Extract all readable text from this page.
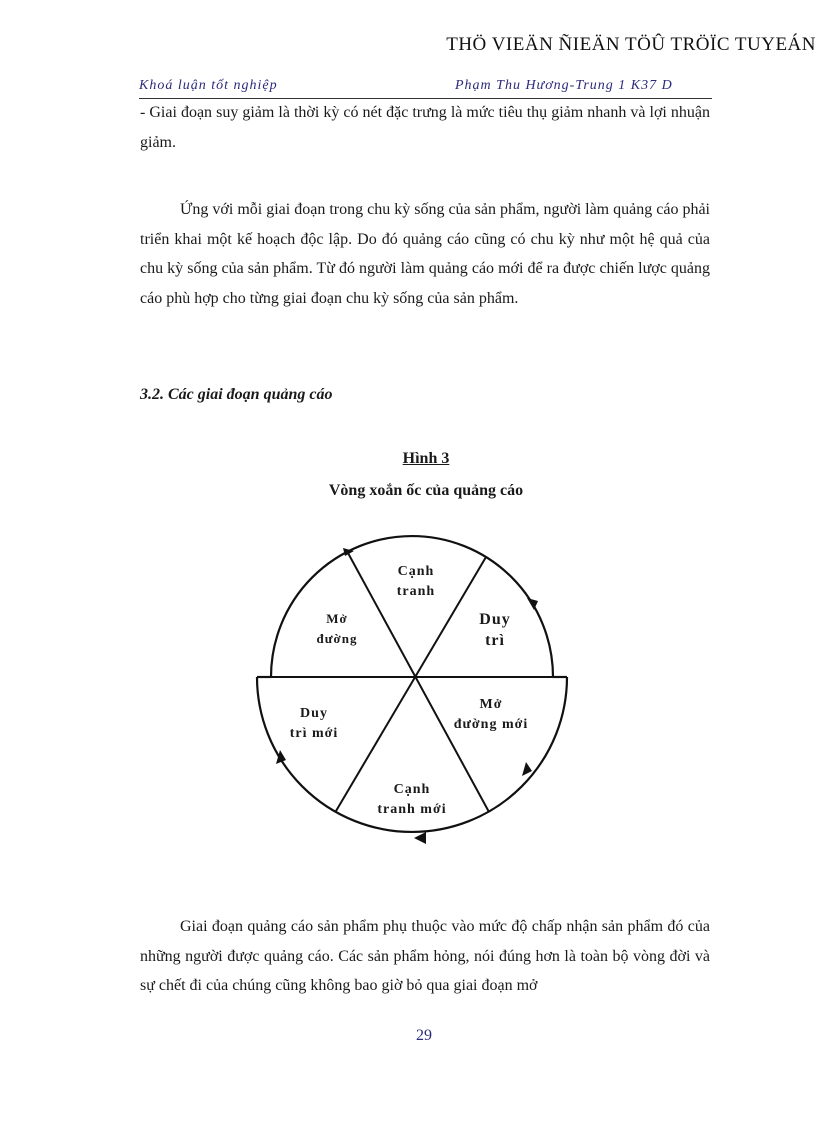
THÖ VIEÄN ÑIEÄN TÖÛ TRÖÏC TUYEÁN
Khoá luận tốt nghiệp	Phạm Thu Hương-Trung 1 K37 D

- Giai đoạn suy giảm là thời kỳ có nét đặc trưng là mức tiêu thụ giảm nhanh và lợi nhuận giảm.

Ứng với mỗi giai đoạn trong chu kỳ sống của sản phẩm, người làm quảng cáo phải triển khai một kế hoạch độc lập. Do đó quảng cáo cũng có chu kỳ như một hệ quả của chu kỳ sống của sản phẩm. Từ đó người làm quảng cáo mới để ra được chiến lược quảng cáo phù hợp cho từng giai đoạn chu kỳ sống của sản phẩm.

3.2. Các giai đoạn quảng cáo
Hình 3
Vòng xoắn ốc của quảng cáo
Cạnh
tranh
Duy
trì
Mở
đường mới
Cạnh
tranh mới
Duy
trì mới
Mở
đường

Giai đoạn quảng cáo sản phẩm phụ thuộc vào mức độ chấp nhận sản phẩm đó của những người được quảng cáo. Các sản phẩm hỏng, nói đúng hơn là toàn bộ vòng đời và sự chết đi của chúng cũng không bao giờ bỏ qua giai đoạn mở

29
